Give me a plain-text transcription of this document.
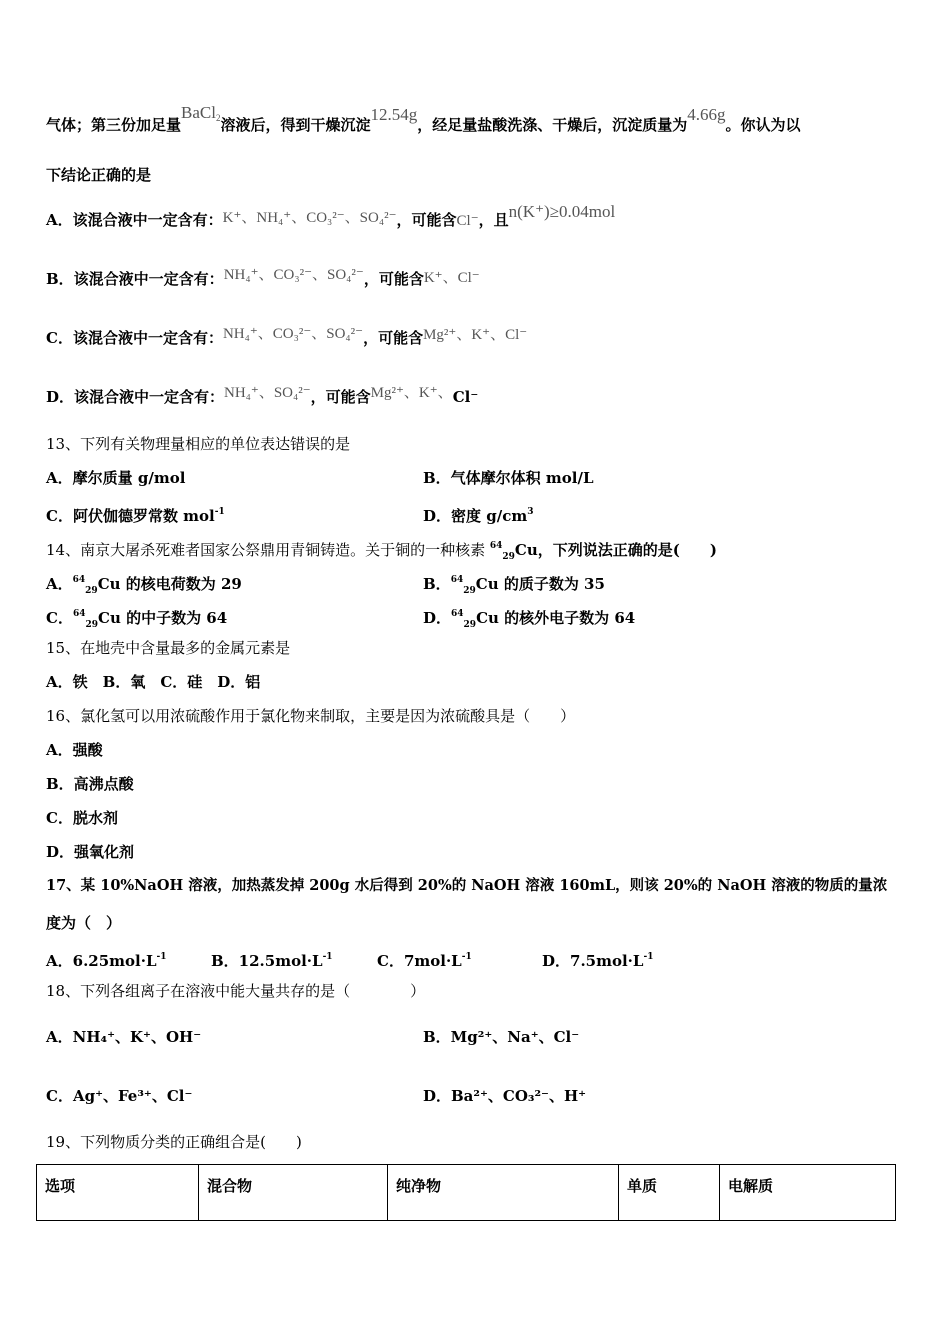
气体；第三份加足量BaCl2溶液后，得到干燥沉淀12.54g，经足量盐酸洗涤、干燥后，沉淀质量为4.66g。你认为以
下结论正确的是
A．该混合液中一定含有：K⁺、NH₄⁺、CO₃²⁻、SO₄²⁻，可能含Cl⁻，且n(K⁺)≥0.04mol
B．该混合液中一定含有：NH₄⁺、CO₃²⁻、SO₄²⁻，可能含K⁺、Cl⁻
C．该混合液中一定含有：NH₄⁺、CO₃²⁻、SO₄²⁻，可能含Mg²⁺、K⁺、Cl⁻
D．该混合液中一定含有：NH₄⁺、SO₄²⁻，可能含Mg²⁺、K⁺、Cl⁻
13、下列有关物理量相应的单位表达错误的是
A．摩尔质量 g/mol	B．气体摩尔体积 mol/L
C．阿伏伽德罗常数 mol$^{-1}$	D．密度 $g/cm^3$
14、南京大屠杀死难者国家公祭鼎用青铜铸造。关于铜的一种核素 $^{64}_{29}$Cu，下列说法正确的是(　　)
A．$^{64}_{29}$Cu 的核电荷数为 29	B．$^{64}_{29}$Cu 的质子数为 35
C．$^{64}_{29}$Cu 的中子数为 64	D．$^{64}_{29}$Cu 的核外电子数为 64
15、在地壳中含量最多的金属元素是
A．铁　B．氧　C．硅　D．铝
16、氯化氢可以用浓硫酸作用于氯化物来制取，主要是因为浓硫酸具是（　　）
A．强酸
B．高沸点酸
C．脱水剂
D．强氧化剂
17、某 10%NaOH 溶液，加热蒸发掉 200g 水后得到 20%的 NaOH 溶液 160mL，则该 20%的 NaOH 溶液的物质的量浓
度为（　）
A．$6.25mol\cdot L^{-1}$	B．$12.5mol\cdot L^{-1}$	C．$7mol\cdot L^{-1}$	D．$7.5mol\cdot L^{-1}$
18、下列各组离子在溶液中能大量共存的是（　　　　）
A．NH₄⁺、K⁺、OH⁻	B．Mg²⁺、Na⁺、Cl⁻
C．Ag⁺、Fe³⁺、Cl⁻	D．Ba²⁺、CO₃²⁻、H⁺
19、下列物质分类的正确组合是(　　)
选项	混合物	纯净物	单质	电解质
